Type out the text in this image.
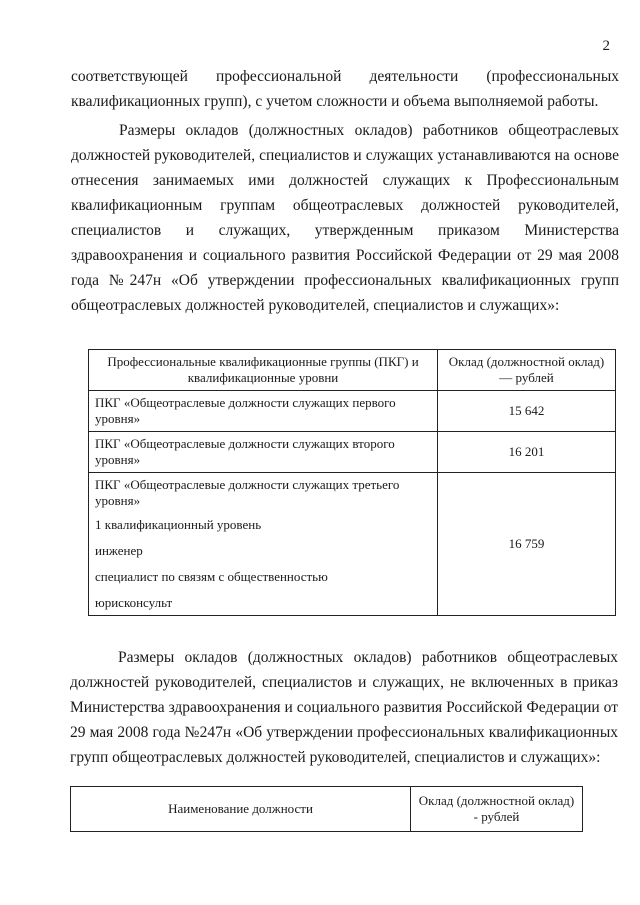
2

соответствующей профессиональной деятельности (профессиональных квалификационных групп), с учетом сложности и объема выполняемой работы.

Размеры окладов (должностных окладов) работников общеотраслевых должностей руководителей, специалистов и служащих устанавливаются на основе отнесения занимаемых ими должностей служащих к Профессиональным квалификационным группам общеотраслевых должностей руководителей, специалистов и служащих, утвержденным приказом Министерства здравоохранения и социального развития Российской Федерации от 29 мая 2008 года №247н «Об утверждении профессиональных квалификационных групп общеотраслевых должностей руководителей, специалистов и служащих»:

Профессиональные квалификационные группы (ПКГ) и квалификационные уровни	Оклад (должностной оклад) — рублей
ПКГ «Общеотраслевые должности служащих первого уровня»	15 642
ПКГ «Общеотраслевые должности служащих второго уровня»	16 201
ПКГ «Общеотраслевые должности служащих третьего уровня»
1 квалификационный уровень
инженер
специалист по связям с общественностью
юрисконсульт	16 759

Размеры окладов (должностных окладов) работников общеотраслевых должностей руководителей, специалистов и служащих, не включенных в приказ Министерства здравоохранения и социального развития Российской Федерации от 29 мая 2008 года №247н «Об утверждении профессиональных квалификационных групп общеотраслевых должностей руководителей, специалистов и служащих»:

Наименование должности	Оклад (должностной оклад) - рублей
